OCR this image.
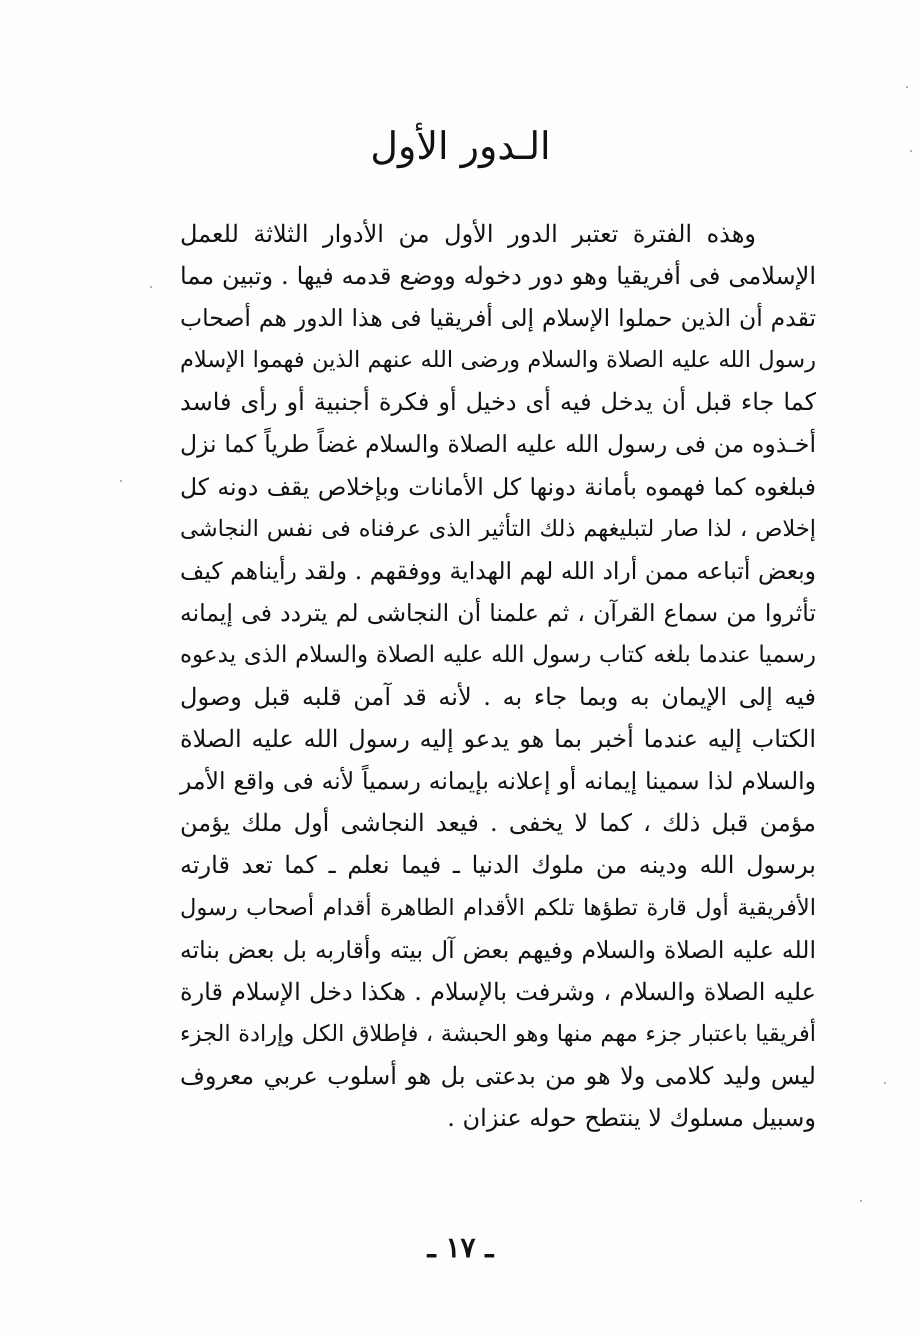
الـدور الأول
وهذه الفترة تعتبر الدور الأول من الأدوار الثلاثة للعمل
الإسلامى فى أفريقيا وهو دور دخوله ووضع قدمه فيها . وتبين مما
تقدم أن الذين حملوا الإسلام إلى أفريقيا فى هذا الدور هم أصحاب
رسول الله عليه الصلاة والسلام ورضى الله عنهم الذين فهموا الإسلام
كما جاء قبل أن يدخل فيه أى دخيل أو فكرة أجنبية أو رأى فاسد
أخـذوه من فى رسول الله عليه الصلاة والسلام غضاً طرياً كما نزل
فبلغوه كما فهموه بأمانة دونها كل الأمانات وبإخلاص يقف دونه كل
إخلاص ، لذا صار لتبليغهم ذلك التأثير الذى عرفناه فى نفس النجاشى
وبعض أتباعه ممن أراد الله لهم الهداية ووفقهم . ولقد رأيناهم كيف
تأثروا من سماع القرآن ، ثم علمنا أن النجاشى لم يتردد فى إيمانه
رسميا عندما بلغه كتاب رسول الله عليه الصلاة والسلام الذى يدعوه
فيه إلى الإيمان به وبما جاء به . لأنه قد آمن قلبه قبل وصول
الكتاب إليه عندما أخبر بما هو يدعو إليه رسول الله عليه الصلاة
والسلام لذا سمينا إيمانه أو إعلانه بإيمانه رسمياً لأنه فى واقع الأمر
مؤمن قبل ذلك ، كما لا يخفى . فيعد النجاشى أول ملك يؤمن
برسول الله ودينه من ملوك الدنيا ـ فيما نعلم ـ كما تعد قارته
الأفريقية أول قارة تطؤها تلكم الأقدام الطاهرة أقدام أصحاب رسول
الله عليه الصلاة والسلام وفيهم بعض آل بيته وأقاربه بل بعض بناته
عليه الصلاة والسلام ، وشرفت بالإسلام . هكذا دخل الإسلام قارة
أفريقيا باعتبار جزء مهم منها وهو الحبشة ، فإطلاق الكل وإرادة الجزء
ليس وليد كلامى ولا هو من بدعتى بل هو أسلوب عربي معروف
وسبيل مسلوك لا ينتطح حوله عنزان .
ـ ١٧ ـ
